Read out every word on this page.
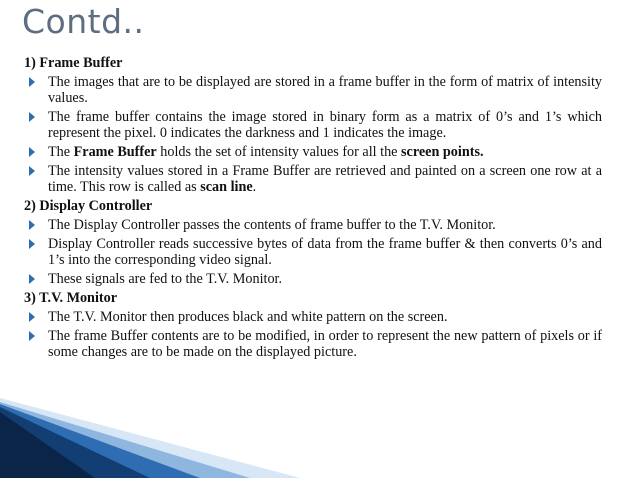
Contd..
1) Frame Buffer

The images that are to be displayed are stored in a frame buffer in the form of matrix of intensity values.

The frame buffer contains the image stored in binary form as a matrix of 0’s and 1’s which represent the pixel. 0 indicates the darkness and 1 indicates the image.

The Frame Buffer holds the set of intensity values for all the screen points.

The intensity values stored in a Frame Buffer are retrieved and painted on a screen one row at a time. This row is called as scan line.

2) Display Controller

The Display Controller passes the contents of frame buffer to the T.V. Monitor.

Display Controller reads successive bytes of data from the frame buffer & then converts 0’s and 1’s into the corresponding video signal.

These signals are fed to the T.V. Monitor.

3) T.V. Monitor

The T.V. Monitor then produces black and white pattern on the screen.

The frame Buffer contents are to be modified, in order to represent the new pattern of pixels or if some changes are to be made on the displayed picture.
